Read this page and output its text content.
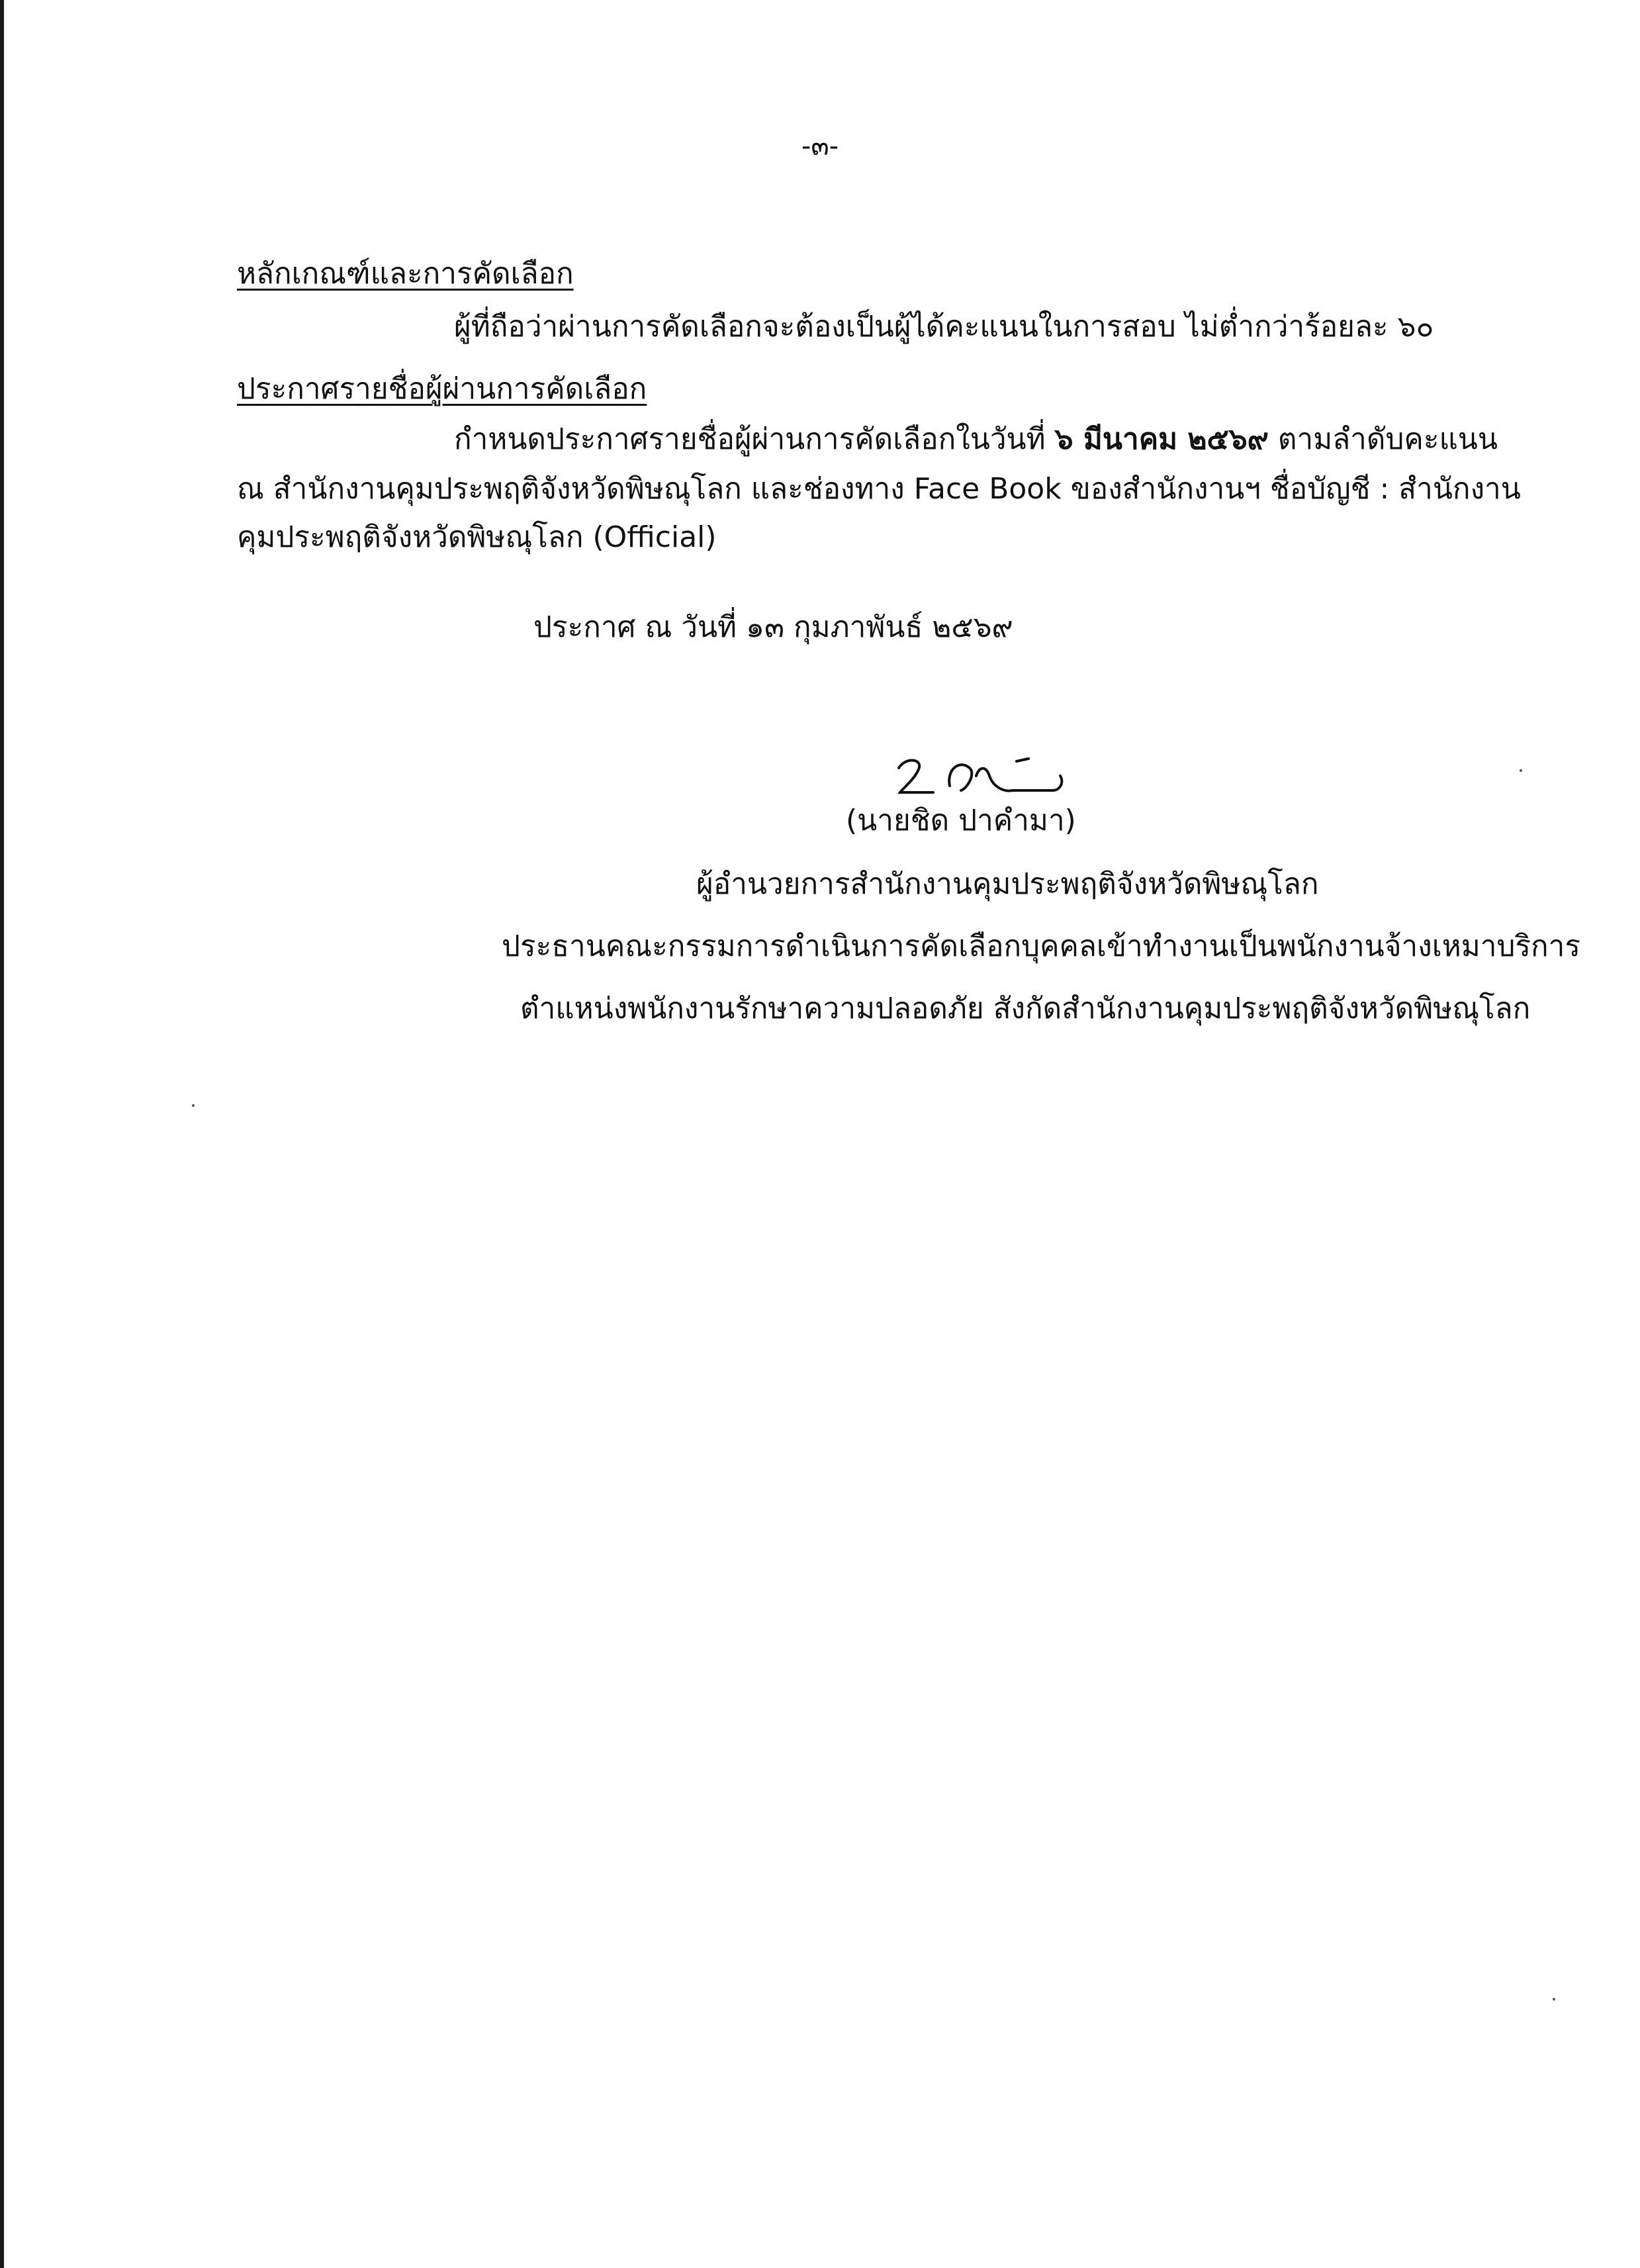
-๓-
หลักเกณฑ์และการคัดเลือก
ผู้ที่ถือว่าผ่านการคัดเลือกจะต้องเป็นผู้ได้คะแนนในการสอบ ไม่ต่ำกว่าร้อยละ ๖๐
ประกาศรายชื่อผู้ผ่านการคัดเลือก
กำหนดประกาศรายชื่อผู้ผ่านการคัดเลือกในวันที่ ๖ มีนาคม ๒๕๖๙ ตามลำดับคะแนน
ณ สำนักงานคุมประพฤติจังหวัดพิษณุโลก และช่องทาง Face Book ของสำนักงานฯ ชื่อบัญชี : สำนักงาน
คุมประพฤติจังหวัดพิษณุโลก (Official)
ประกาศ ณ วันที่ ๑๓ กุมภาพันธ์ ๒๕๖๙
(นายชิด ปาคำมา)
ผู้อำนวยการสำนักงานคุมประพฤติจังหวัดพิษณุโลก
ประธานคณะกรรมการดำเนินการคัดเลือกบุคคลเข้าทำงานเป็นพนักงานจ้างเหมาบริการ
ตำแหน่งพนักงานรักษาความปลอดภัย สังกัดสำนักงานคุมประพฤติจังหวัดพิษณุโลก
